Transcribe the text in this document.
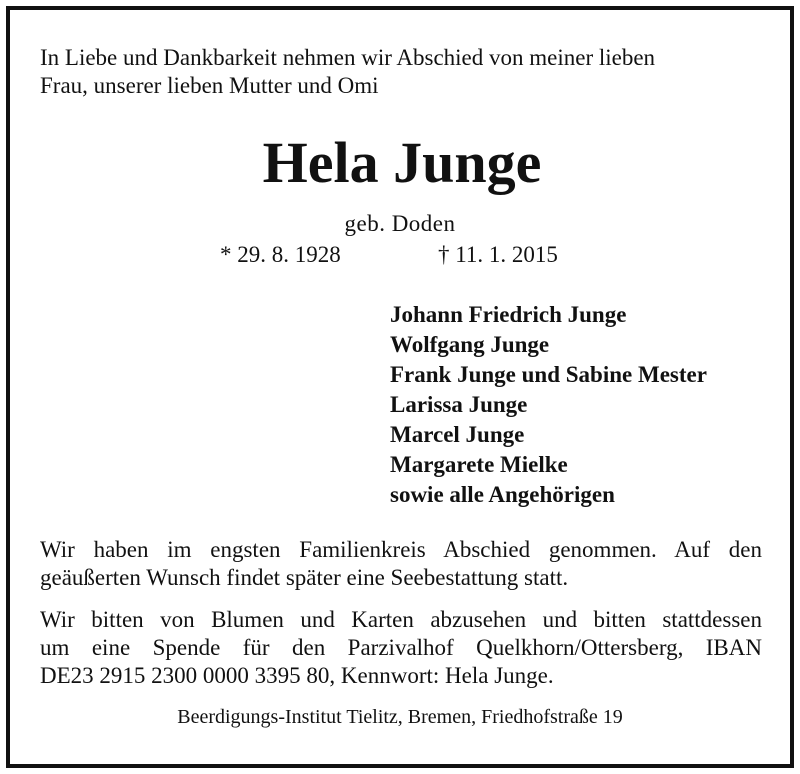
In Liebe und Dankbarkeit nehmen wir Abschied von meiner lieben
Frau, unserer lieben Mutter und Omi
Hela Junge
geb. Doden
* 29. 8. 1928	† 11. 1. 2015
Johann Friedrich Junge
Wolfgang Junge
Frank Junge und Sabine Mester
Larissa Junge
Marcel Junge
Margarete Mielke
sowie alle Angehörigen
Wir haben im engsten Familienkreis Abschied genommen. Auf den
geäußerten Wunsch findet später eine Seebestattung statt.
Wir bitten von Blumen und Karten abzusehen und bitten stattdessen
um eine Spende für den Parzivalhof Quelkhorn/Ottersberg, IBAN
DE23 2915 2300 0000 3395 80, Kennwort: Hela Junge.
Beerdigungs-Institut Tielitz, Bremen, Friedhofstraße 19
